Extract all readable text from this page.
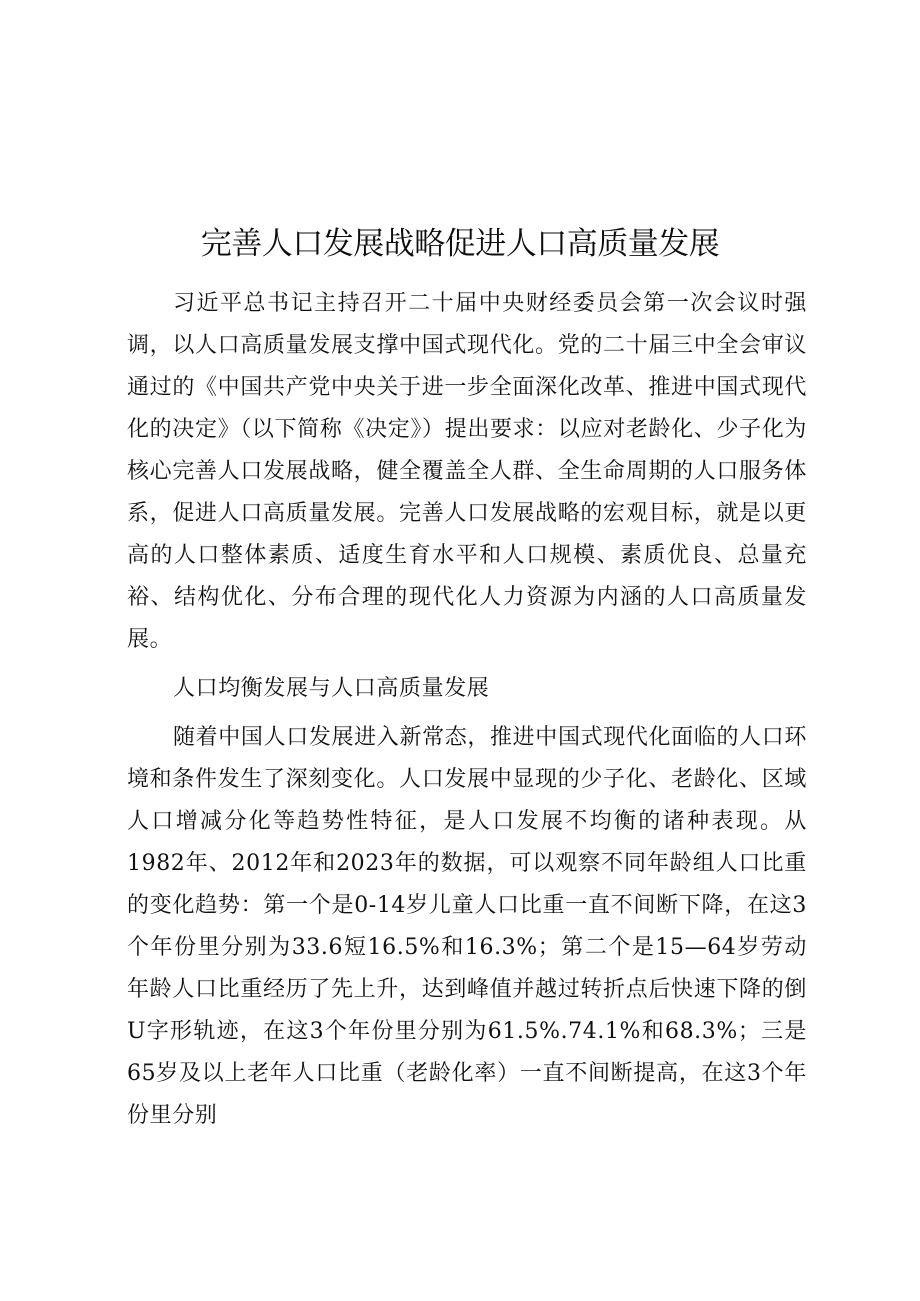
完善人口发展战略促进人口高质量发展

习近平总书记主持召开二十届中央财经委员会第一次会议时强调，以人口高质量发展支撑中国式现代化。党的二十届三中全会审议通过的《中国共产党中央关于进一步全面深化改革、推进中国式现代化的决定》（以下简称《决定》）提出要求：以应对老龄化、少子化为核心完善人口发展战略，健全覆盖全人群、全生命周期的人口服务体系，促进人口高质量发展。完善人口发展战略的宏观目标，就是以更高的人口整体素质、适度生育水平和人口规模、素质优良、总量充裕、结构优化、分布合理的现代化人力资源为内涵的人口高质量发展。

人口均衡发展与人口高质量发展

随着中国人口发展进入新常态，推进中国式现代化面临的人口环境和条件发生了深刻变化。人口发展中显现的少子化、老龄化、区域人口增减分化等趋势性特征，是人口发展不均衡的诸种表现。从1982年、2012年和2023年的数据，可以观察不同年龄组人口比重的变化趋势：第一个是0-14岁儿童人口比重一直不间断下降，在这3个年份里分别为33.6短16.5%和16.3%；第二个是15—64岁劳动年龄人口比重经历了先上升，达到峰值并越过转折点后快速下降的倒U字形轨迹，在这3个年份里分别为61.5%.74.1%和68.3%；三是65岁及以上老年人口比重（老龄化率）一直不间断提高，在这3个年份里分别
